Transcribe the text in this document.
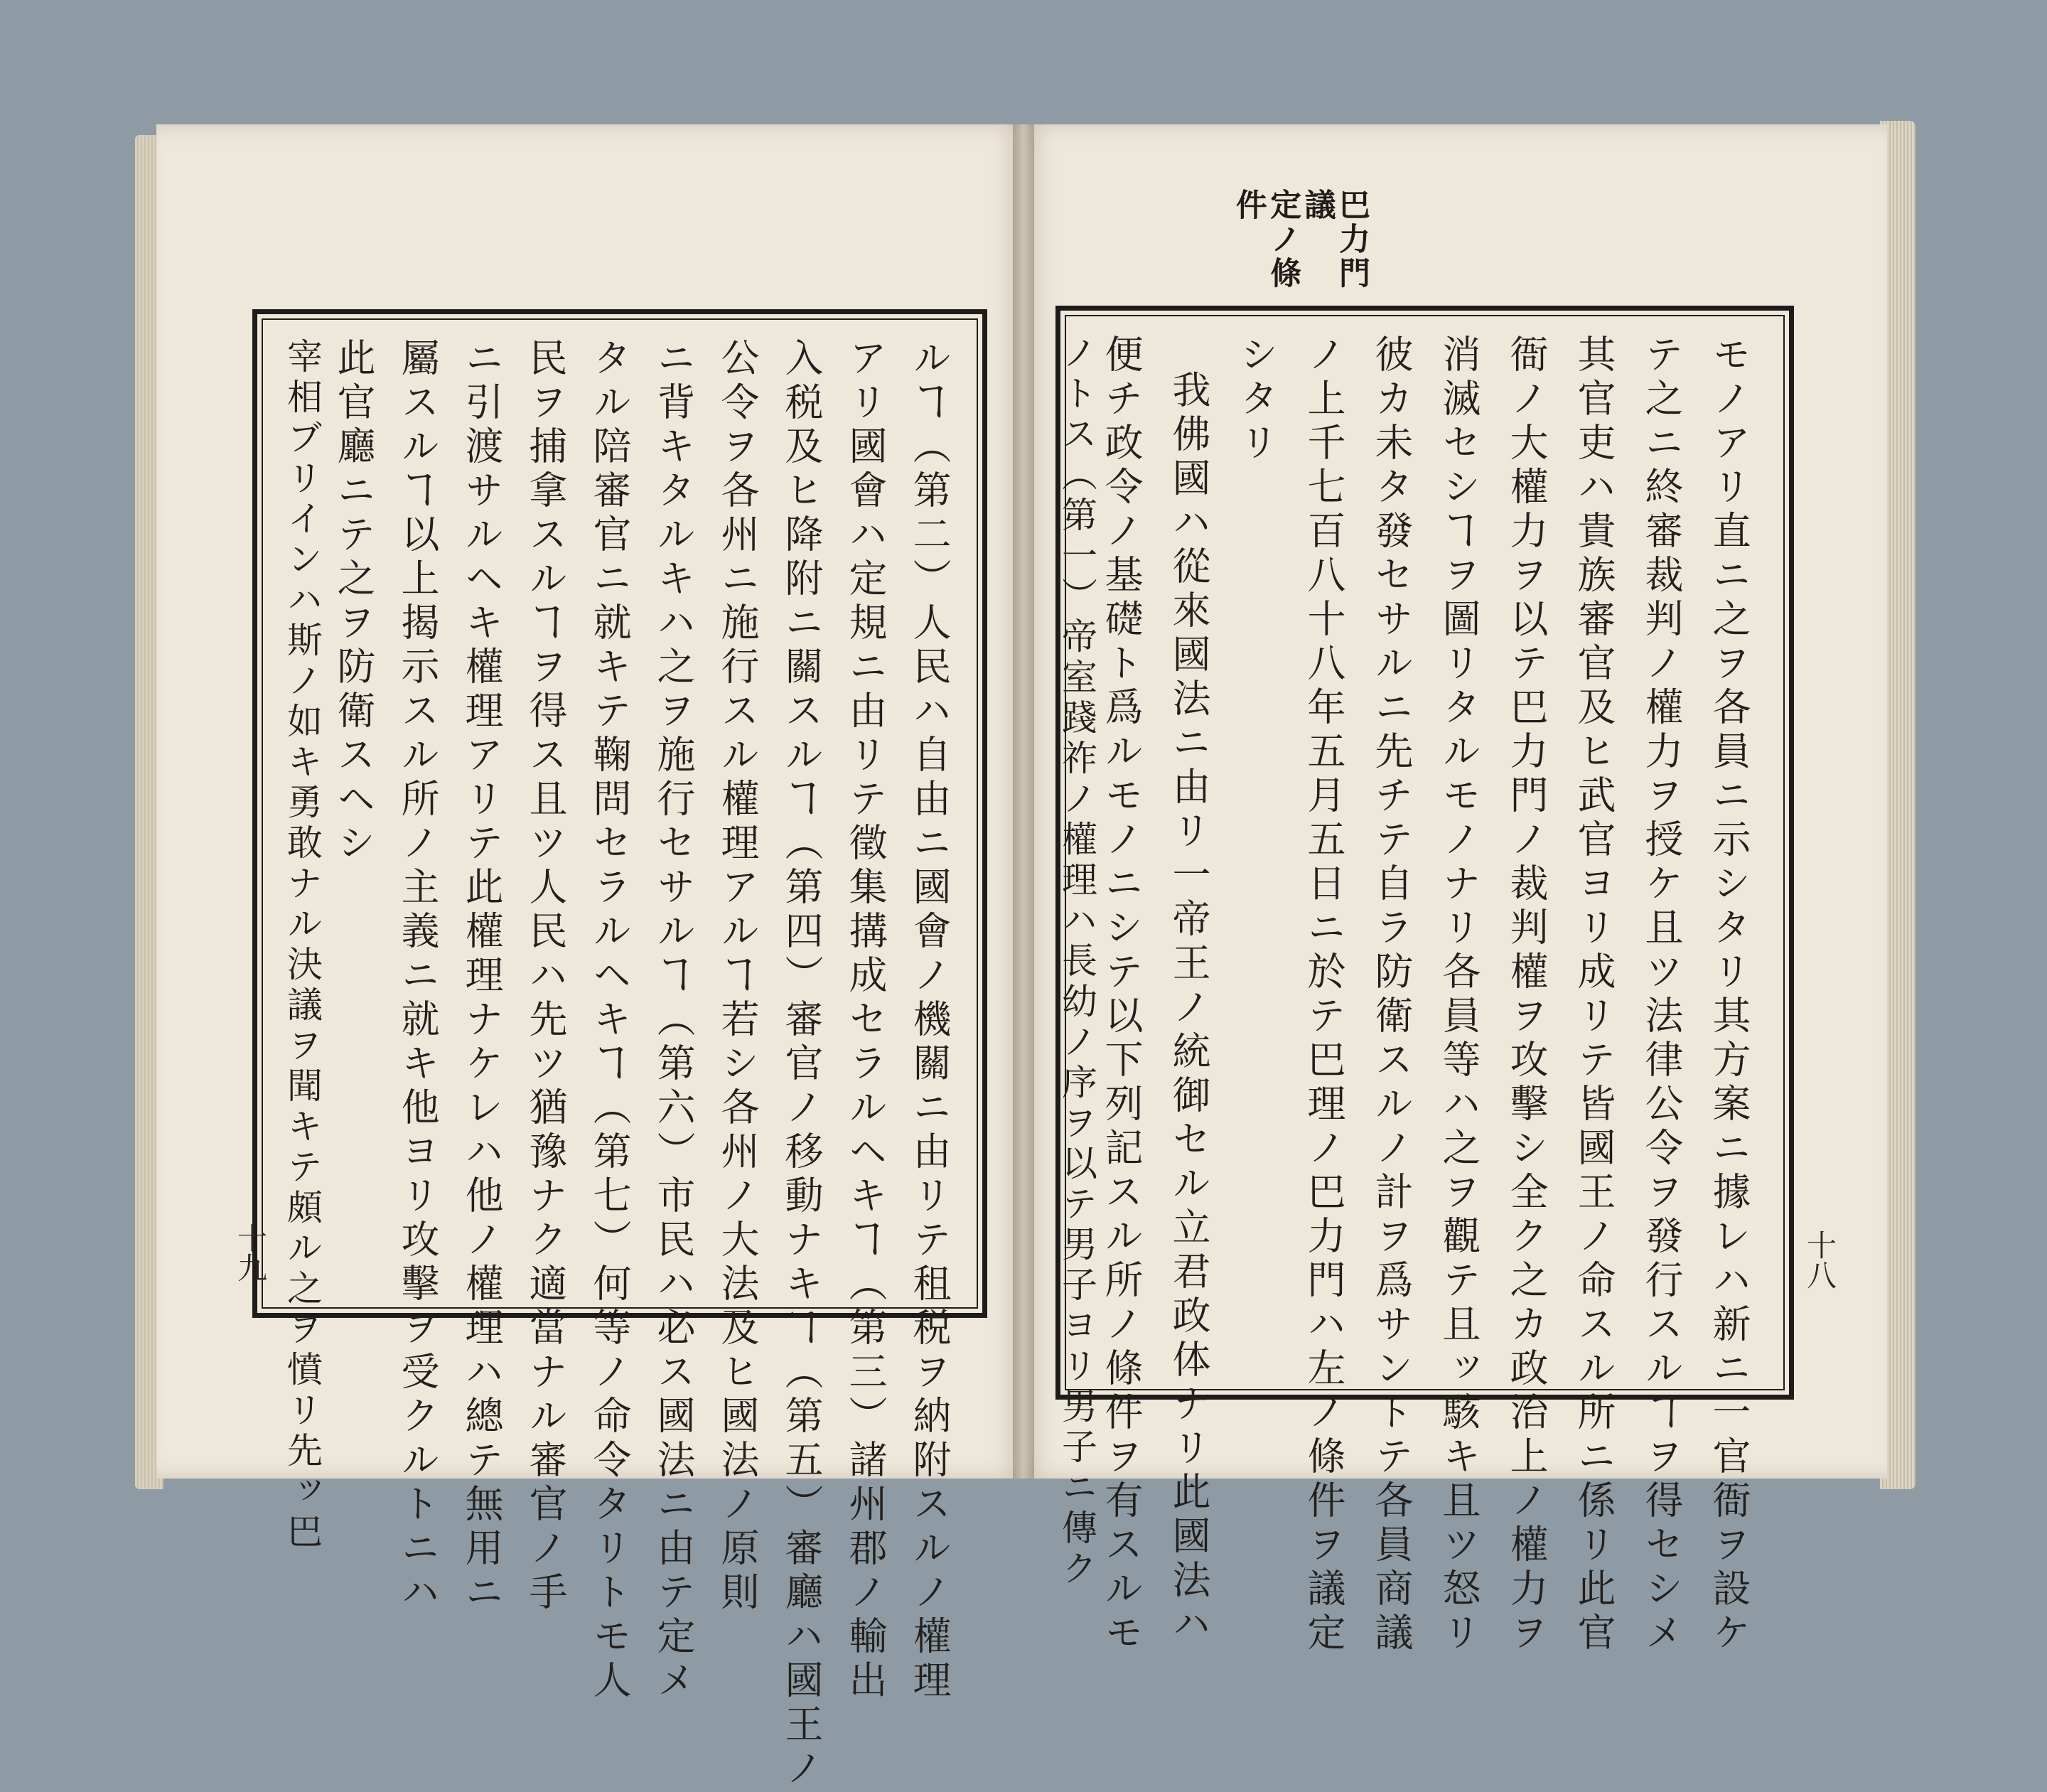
巴力門議
定ノ條件
モノアリ直ニ之ヲ各員ニ示シタリ其方案ニ據レハ新ニ一官衙ヲ設ケ
テ之ニ終審裁判ノ權力ヲ授ケ且ツ法律公令ヲ發行スルヿヲ得セシメ
其官吏ハ貴族審官及ヒ武官ヨリ成リテ皆國王ノ命スル所ニ係リ此官
衙ノ大權力ヲ以テ巴力門ノ裁判權ヲ攻擊シ全ク之カ政治上ノ權力ヲ
消滅セシヿヲ圖リタルモノナリ各員等ハ之ヲ觀テ且ッ駭キ且ツ怒リ
彼カ未タ發セサルニ先チテ自ラ防衛スルノ計ヲ爲サントテ各員商議
ノ上千七百八十八年五月五日ニ於テ巴理ノ巴力門ハ左ノ條件ヲ議定
シタリ
我佛國ハ從來國法ニ由リ一帝王ノ統御セル立君政体ナリ此國法ハ
便チ政令ノ基礎ト爲ルモノニシテ以下列記スル所ノ條件ヲ有スルモ
ノトス（第一）帝室踐祚ノ權理ハ長幼ノ序ヲ以テ男子ヨリ男子ニ傳ク	十八
ルヿ（第二）人民ハ自由ニ國會ノ機關ニ由リテ租税ヲ納附スルノ權理
アリ國會ハ定規ニ由リテ徵集搆成セラルヘキヿ（第三）諸州郡ノ輸出
入税及ヒ降附ニ關スルヿ（第四）審官ノ移動ナキヿ（第五）審廳ハ國王ノ
公令ヲ各州ニ施行スル權理アルヿ若シ各州ノ大法及ヒ國法ノ原則
ニ背キタルキハ之ヲ施行セサルヿ（第六）市民ハ必ス國法ニ由テ定メ
タル陪審官ニ就キテ鞠問セラルヘキヿ（第七）何等ノ命令タリトモ人
民ヲ捕拿スルヿヲ得ス且ツ人民ハ先ツ猶豫ナク適當ナル審官ノ手
ニ引渡サルヘキ權理アリテ此權理ナケレハ他ノ權理ハ總テ無用ニ
屬スルヿ以上揭示スル所ノ主義ニ就キ他ヨリ攻擊ヲ受クルトニハ
此官廳ニテ之ヲ防衛スヘシ
宰相ブリインハ斯ノ如キ勇敢ナル決議ヲ聞キテ頗ル之ヲ憤リ先ッ巴
十九
